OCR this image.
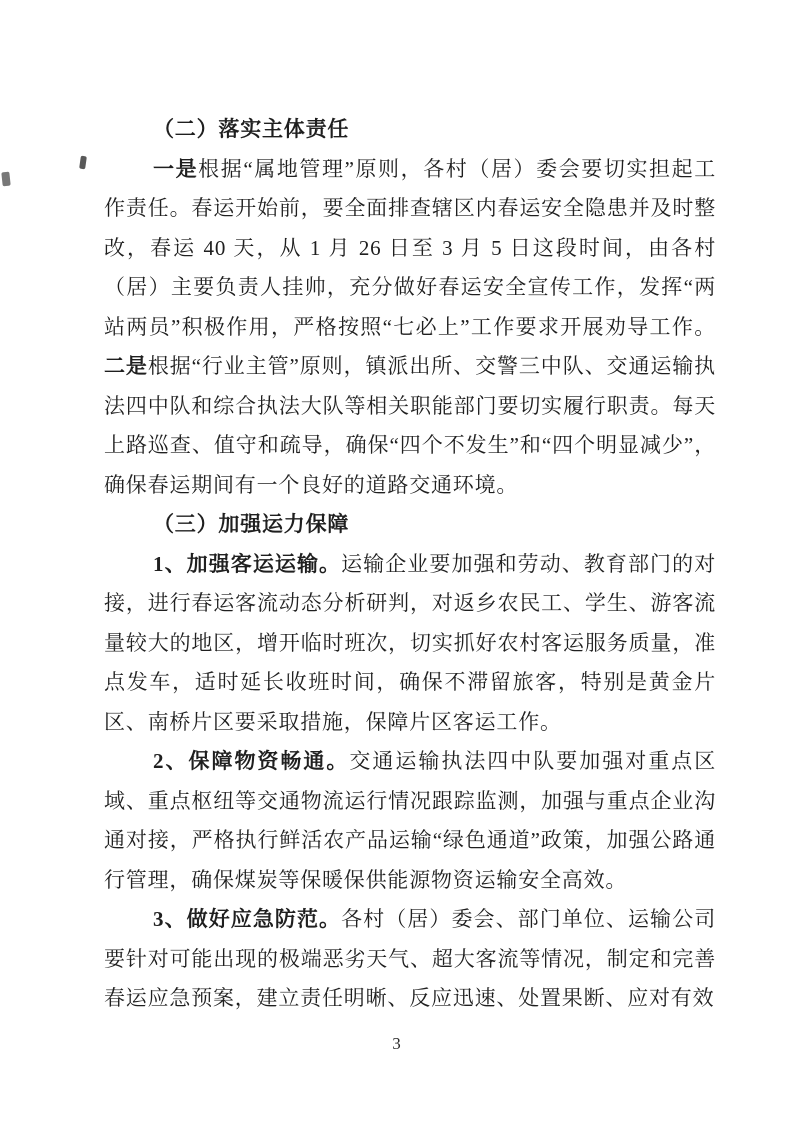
（二）落实主体责任

一是根据“属地管理”原则，各村（居）委会要切实担起工作责任。春运开始前，要全面排查辖区内春运安全隐患并及时整改，春运 40 天，从 1 月 26 日至 3 月 5 日这段时间，由各村（居）主要负责人挂帅，充分做好春运安全宣传工作，发挥“两站两员”积极作用，严格按照“七必上”工作要求开展劝导工作。二是根据“行业主管”原则，镇派出所、交警三中队、交通运输执法四中队和综合执法大队等相关职能部门要切实履行职责。每天上路巡查、值守和疏导，确保“四个不发生”和“四个明显减少”，确保春运期间有一个良好的道路交通环境。

（三）加强运力保障

1、加强客运运输。运输企业要加强和劳动、教育部门的对接，进行春运客流动态分析研判，对返乡农民工、学生、游客流量较大的地区，增开临时班次，切实抓好农村客运服务质量，准点发车，适时延长收班时间，确保不滞留旅客，特别是黄金片区、南桥片区要采取措施，保障片区客运工作。

2、保障物资畅通。交通运输执法四中队要加强对重点区域、重点枢纽等交通物流运行情况跟踪监测，加强与重点企业沟通对接，严格执行鲜活农产品运输“绿色通道”政策，加强公路通行管理，确保煤炭等保暖保供能源物资运输安全高效。

3、做好应急防范。各村（居）委会、部门单位、运输公司要针对可能出现的极端恶劣天气、超大客流等情况，制定和完善春运应急预案，建立责任明晰、反应迅速、处置果断、应对有效

3
